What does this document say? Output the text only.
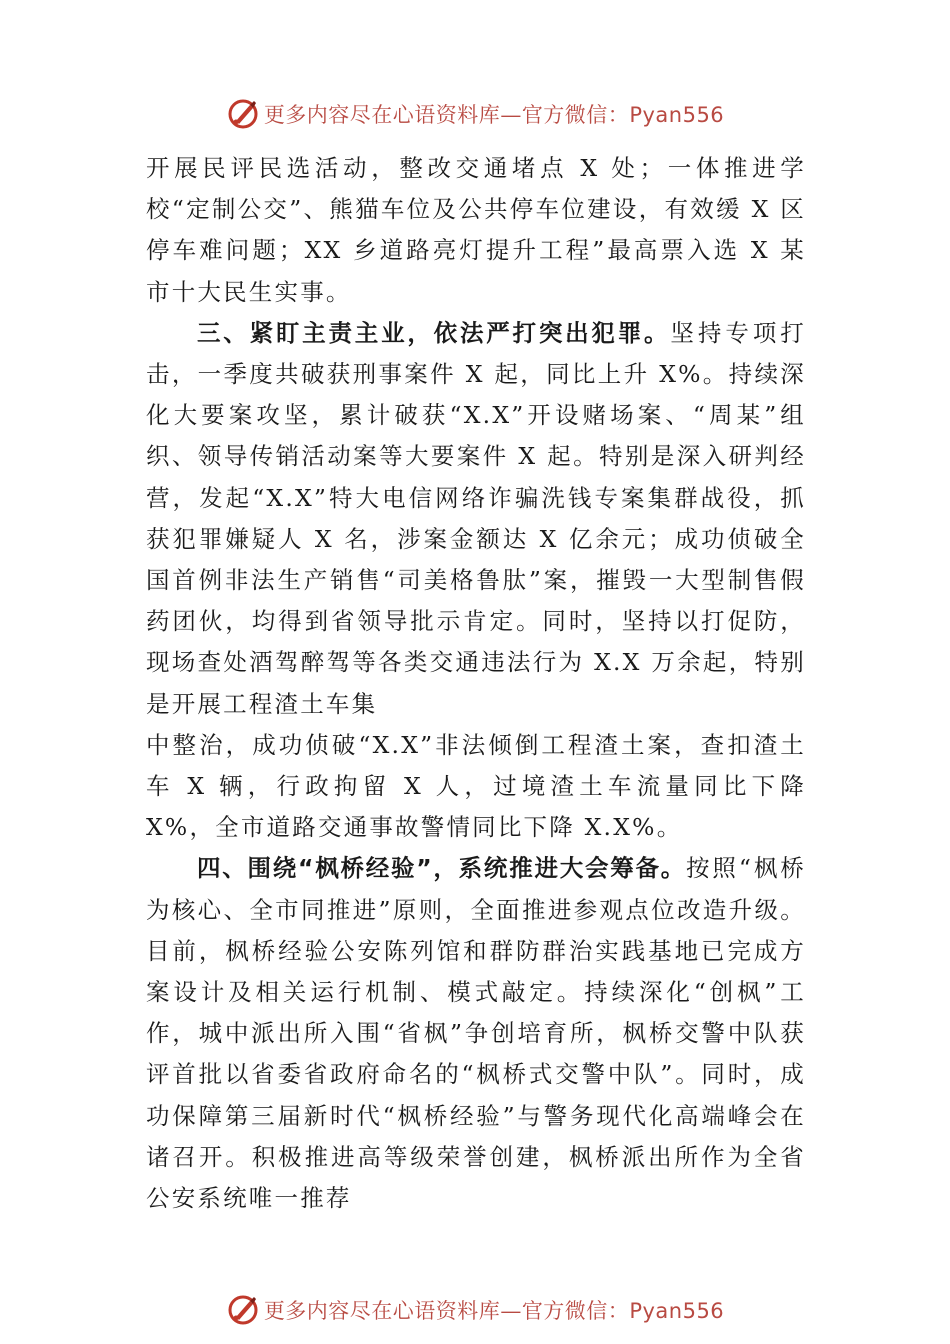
更多内容尽在心语资料库—官方微信：Pyan556

开展民评民选活动，整改交通堵点 X 处；一体推进学校“定制公交”、熊猫车位及公共停车位建设，有效缓 X 区停车难问题；XX 乡道路亮灯提升工程”最高票入选 X 某市十大民生实事。

三、紧盯主责主业，依法严打突出犯罪。坚持专项打击，一季度共破获刑事案件 X 起，同比上升 X%。持续深化大要案攻坚，累计破获“X.X”开设赌场案、“周某”组织、领导传销活动案等大要案件 X 起。特别是深入研判经营，发起“X.X”特大电信网络诈骗洗钱专案集群战役，抓获犯罪嫌疑人 X 名，涉案金额达 X 亿余元；成功侦破全国首例非法生产销售“司美格鲁肽”案，摧毁一大型制售假药团伙，均得到省领导批示肯定。同时，坚持以打促防，现场查处酒驾醉驾等各类交通违法行为 X.X 万余起，特别是开展工程渣土车集

中整治，成功侦破“X.X”非法倾倒工程渣土案，查扣渣土车 X 辆，行政拘留 X 人，过境渣土车流量同比下降 X%，全市道路交通事故警情同比下降 X.X%。

四、围绕“枫桥经验”，系统推进大会筹备。按照“枫桥为核心、全市同推进”原则，全面推进参观点位改造升级。目前，枫桥经验公安陈列馆和群防群治实践基地已完成方案设计及相关运行机制、模式敲定。持续深化“创枫”工作，城中派出所入围“省枫”争创培育所，枫桥交警中队获评首批以省委省政府命名的“枫桥式交警中队”。同时，成功保障第三届新时代“枫桥经验”与警务现代化高端峰会在诸召开。积极推进高等级荣誉创建，枫桥派出所作为全省公安系统唯一推荐

更多内容尽在心语资料库—官方微信：Pyan556
